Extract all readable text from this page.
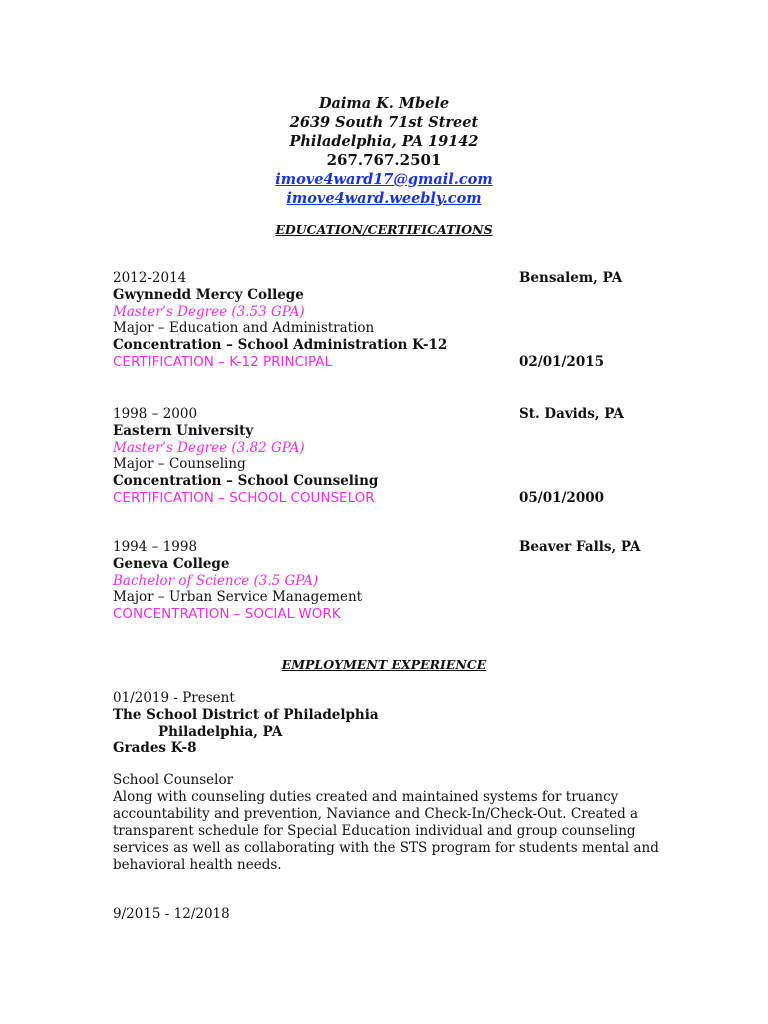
Daima K. Mbele
2639 South 71st Street
Philadelphia, PA 19142
267.767.2501
imove4ward17@gmail.com
imove4ward.weebly.com
EDUCATION/CERTIFICATIONS
2012-2014	Bensalem, PA
Gwynnedd Mercy College
Master’s Degree (3.53 GPA)
Major – Education and Administration
Concentration – School Administration K-12
CERTIFICATION – K-12 PRINCIPAL	02/01/2015
1998 – 2000	St. Davids, PA
Eastern University
Master’s Degree (3.82 GPA)
Major – Counseling
Concentration – School Counseling
CERTIFICATION – SCHOOL COUNSELOR	05/01/2000
1994 – 1998	Beaver Falls, PA
Geneva College
Bachelor of Science (3.5 GPA)
Major – Urban Service Management
CONCENTRATION – SOCIAL WORK
EMPLOYMENT EXPERIENCE
01/2019 - Present
The School District of Philadelphia
Philadelphia, PA
Grades K-8
School Counselor
Along with counseling duties created and maintained systems for truancy
accountability and prevention, Naviance and Check-In/Check-Out. Created a
transparent schedule for Special Education individual and group counseling
services as well as collaborating with the STS program for students mental and
behavioral health needs.
9/2015 - 12/2018
